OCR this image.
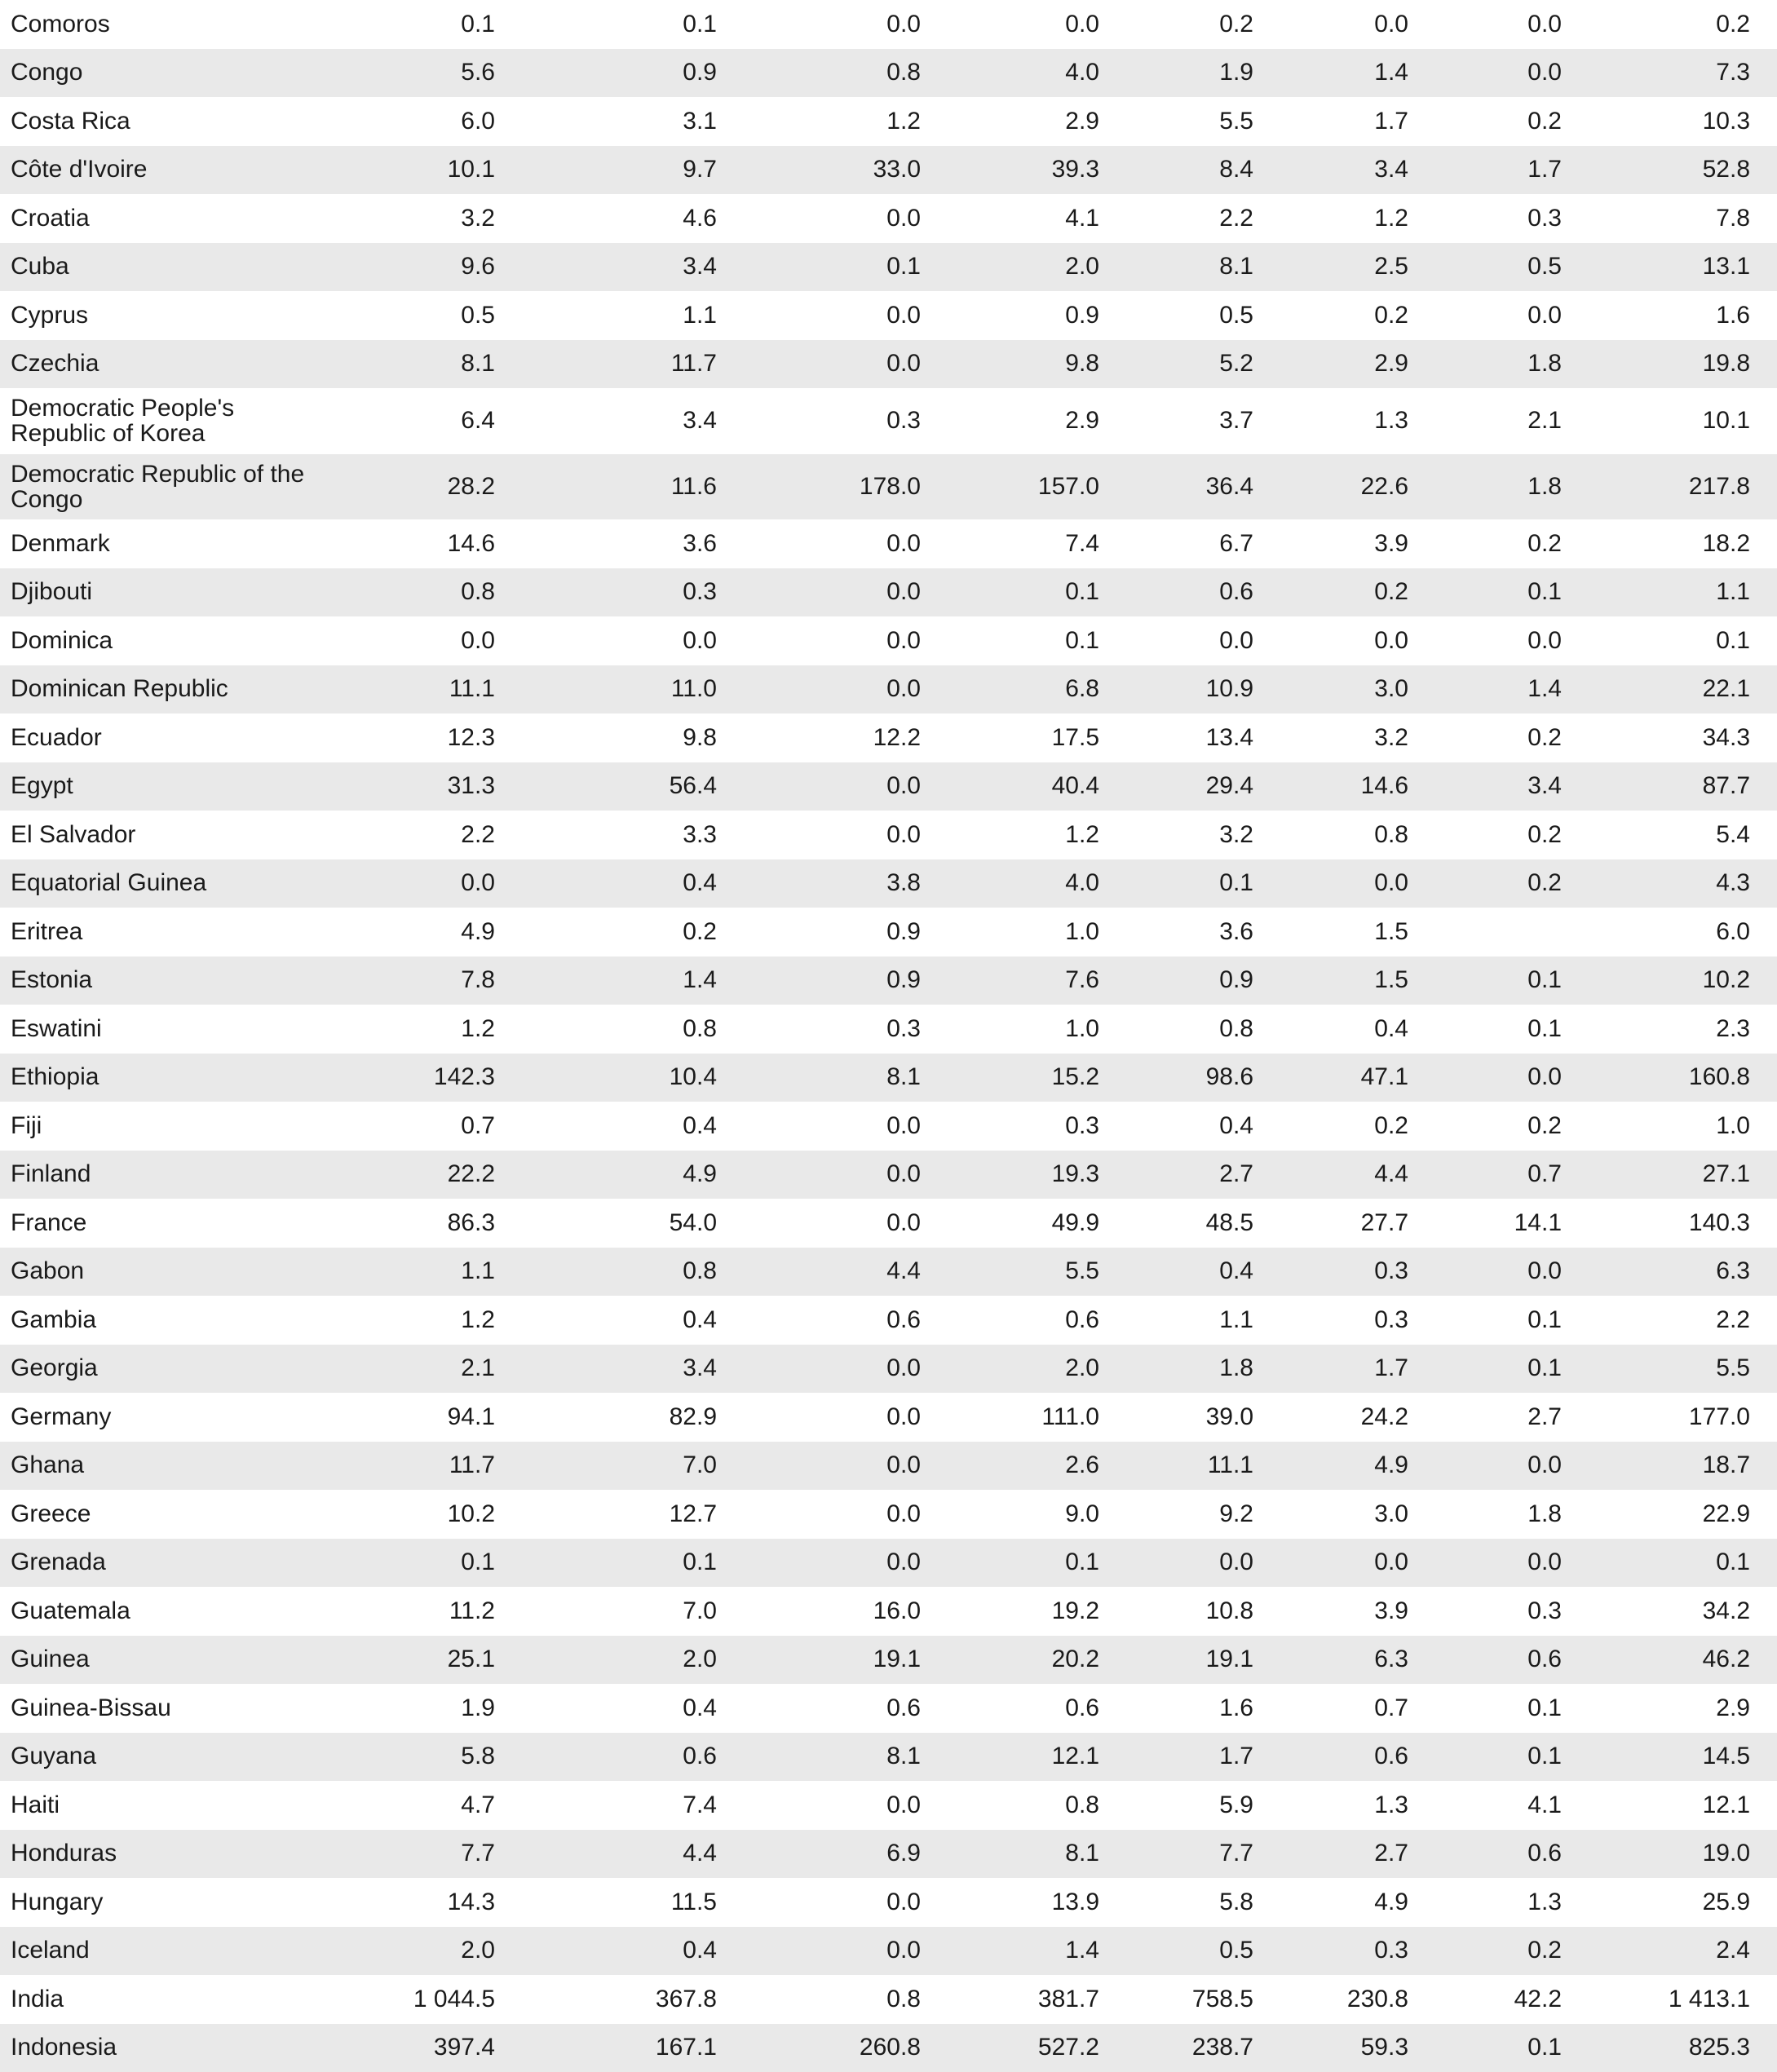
Comoros	0.1	0.1	0.0	0.0	0.2	0.0	0.0	0.2
Congo	5.6	0.9	0.8	4.0	1.9	1.4	0.0	7.3
Costa Rica	6.0	3.1	1.2	2.9	5.5	1.7	0.2	10.3
Côte d'Ivoire	10.1	9.7	33.0	39.3	8.4	3.4	1.7	52.8
Croatia	3.2	4.6	0.0	4.1	2.2	1.2	0.3	7.8
Cuba	9.6	3.4	0.1	2.0	8.1	2.5	0.5	13.1
Cyprus	0.5	1.1	0.0	0.9	0.5	0.2	0.0	1.6
Czechia	8.1	11.7	0.0	9.8	5.2	2.9	1.8	19.8
Democratic People's Republic of Korea	6.4	3.4	0.3	2.9	3.7	1.3	2.1	10.1
Democratic Republic of the Congo	28.2	11.6	178.0	157.0	36.4	22.6	1.8	217.8
Denmark	14.6	3.6	0.0	7.4	6.7	3.9	0.2	18.2
Djibouti	0.8	0.3	0.0	0.1	0.6	0.2	0.1	1.1
Dominica	0.0	0.0	0.0	0.1	0.0	0.0	0.0	0.1
Dominican Republic	11.1	11.0	0.0	6.8	10.9	3.0	1.4	22.1
Ecuador	12.3	9.8	12.2	17.5	13.4	3.2	0.2	34.3
Egypt	31.3	56.4	0.0	40.4	29.4	14.6	3.4	87.7
El Salvador	2.2	3.3	0.0	1.2	3.2	0.8	0.2	5.4
Equatorial Guinea	0.0	0.4	3.8	4.0	0.1	0.0	0.2	4.3
Eritrea	4.9	0.2	0.9	1.0	3.6	1.5		6.0
Estonia	7.8	1.4	0.9	7.6	0.9	1.5	0.1	10.2
Eswatini	1.2	0.8	0.3	1.0	0.8	0.4	0.1	2.3
Ethiopia	142.3	10.4	8.1	15.2	98.6	47.1	0.0	160.8
Fiji	0.7	0.4	0.0	0.3	0.4	0.2	0.2	1.0
Finland	22.2	4.9	0.0	19.3	2.7	4.4	0.7	27.1
France	86.3	54.0	0.0	49.9	48.5	27.7	14.1	140.3
Gabon	1.1	0.8	4.4	5.5	0.4	0.3	0.0	6.3
Gambia	1.2	0.4	0.6	0.6	1.1	0.3	0.1	2.2
Georgia	2.1	3.4	0.0	2.0	1.8	1.7	0.1	5.5
Germany	94.1	82.9	0.0	111.0	39.0	24.2	2.7	177.0
Ghana	11.7	7.0	0.0	2.6	11.1	4.9	0.0	18.7
Greece	10.2	12.7	0.0	9.0	9.2	3.0	1.8	22.9
Grenada	0.1	0.1	0.0	0.1	0.0	0.0	0.0	0.1
Guatemala	11.2	7.0	16.0	19.2	10.8	3.9	0.3	34.2
Guinea	25.1	2.0	19.1	20.2	19.1	6.3	0.6	46.2
Guinea-Bissau	1.9	0.4	0.6	0.6	1.6	0.7	0.1	2.9
Guyana	5.8	0.6	8.1	12.1	1.7	0.6	0.1	14.5
Haiti	4.7	7.4	0.0	0.8	5.9	1.3	4.1	12.1
Honduras	7.7	4.4	6.9	8.1	7.7	2.7	0.6	19.0
Hungary	14.3	11.5	0.0	13.9	5.8	4.9	1.3	25.9
Iceland	2.0	0.4	0.0	1.4	0.5	0.3	0.2	2.4
India	1 044.5	367.8	0.8	381.7	758.5	230.8	42.2	1 413.1
Indonesia	397.4	167.1	260.8	527.2	238.7	59.3	0.1	825.3
